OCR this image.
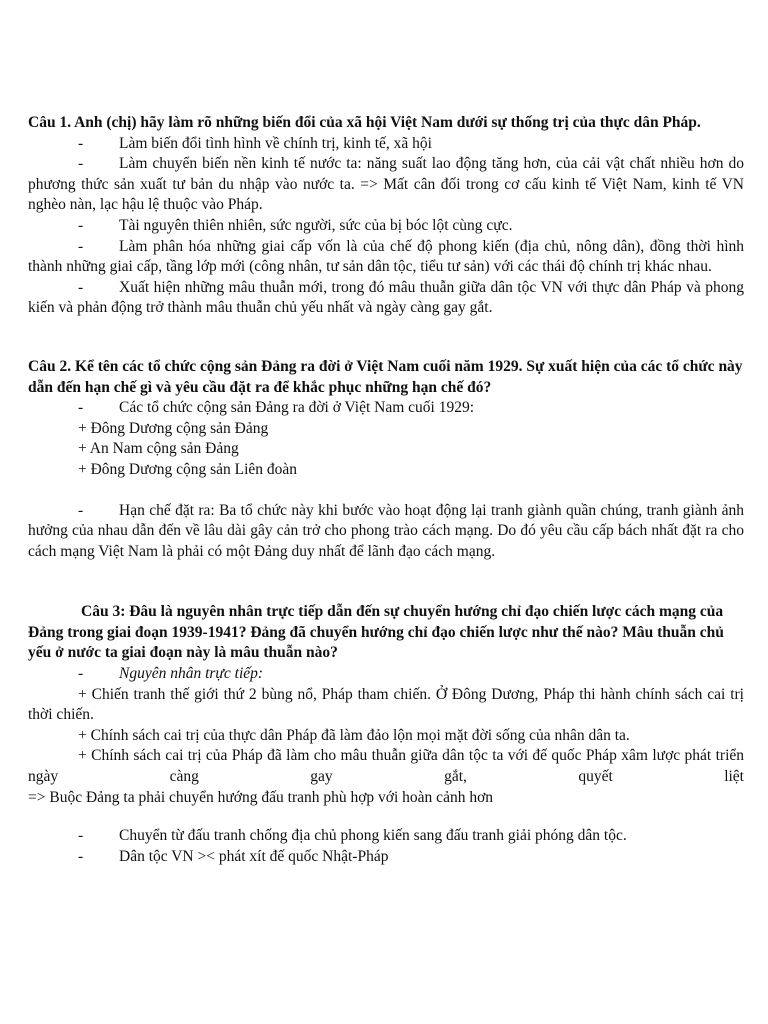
Câu 1. Anh (chị) hãy làm rõ những biến đổi của xã hội Việt Nam dưới sự thống trị của thực dân Pháp.

- Làm biến đổi tình hình về chính trị, kinh tế, xã hội

- Làm chuyển biến nền kinh tế nước ta: năng suất lao động tăng hơn, của cải vật chất nhiều hơn do phương thức sản xuất tư bản du nhập vào nước ta. => Mất cân đối trong cơ cấu kinh tế Việt Nam, kinh tế VN nghèo nàn, lạc hậu lệ thuộc vào Pháp.

- Tài nguyên thiên nhiên, sức người, sức của bị bóc lột cùng cực.

- Làm phân hóa những giai cấp vốn là của chế độ phong kiến (địa chủ, nông dân), đồng thời hình thành những giai cấp, tầng lớp mới (công nhân, tư sản dân tộc, tiểu tư sản) với các thái độ chính trị khác nhau.

- Xuất hiện những mâu thuẫn mới, trong đó mâu thuẫn giữa dân tộc VN với thực dân Pháp và phong kiến và phản động trở thành mâu thuẫn chủ yếu nhất và ngày càng gay gắt.

Câu 2. Kể tên các tổ chức cộng sản Đảng ra đời ở Việt Nam cuối năm 1929. Sự xuất hiện của các tổ chức này dẫn đến hạn chế gì và yêu cầu đặt ra để khắc phục những hạn chế đó?

- Các tổ chức cộng sản Đảng ra đời ở Việt Nam cuối 1929:

+ Đông Dương cộng sản Đảng

+ An Nam cộng sản Đảng

+ Đông Dương cộng sản Liên đoàn

- Hạn chế đặt ra: Ba tổ chức này khi bước vào hoạt động lại tranh giành quần chúng, tranh giành ảnh hưởng của nhau dẫn đến về lâu dài gây cản trở cho phong trào cách mạng. Do đó yêu cầu cấp bách nhất đặt ra cho cách mạng Việt Nam là phải có một Đảng duy nhất để lãnh đạo cách mạng.

Câu 3: Đâu là nguyên nhân trực tiếp dẫn đến sự chuyển hướng chỉ đạo chiến lược cách mạng của Đảng trong giai đoạn 1939-1941? Đảng đã chuyển hướng chỉ đạo chiến lược như thế nào? Mâu thuẫn chủ yếu ở nước ta giai đoạn này là mâu thuẫn nào?

- Nguyên nhân trực tiếp:

+ Chiến tranh thế giới thứ 2 bùng nổ, Pháp tham chiến. Ở Đông Dương, Pháp thi hành chính sách cai trị thời chiến.

+ Chính sách cai trị của thực dân Pháp đã làm đảo lộn mọi mặt đời sống của nhân dân ta.

+ Chính sách cai trị của Pháp đã làm cho mâu thuẫn giữa dân tộc ta với đế quốc Pháp xâm lược phát triển ngày càng gay gắt, quyết liệt

=> Buộc Đảng ta phải chuyển hướng đấu tranh phù hợp với hoàn cảnh hơn

- Chuyển từ đấu tranh chống địa chủ phong kiến sang đấu tranh giải phóng dân tộc.

- Dân tộc VN >< phát xít đế quốc Nhật-Pháp
